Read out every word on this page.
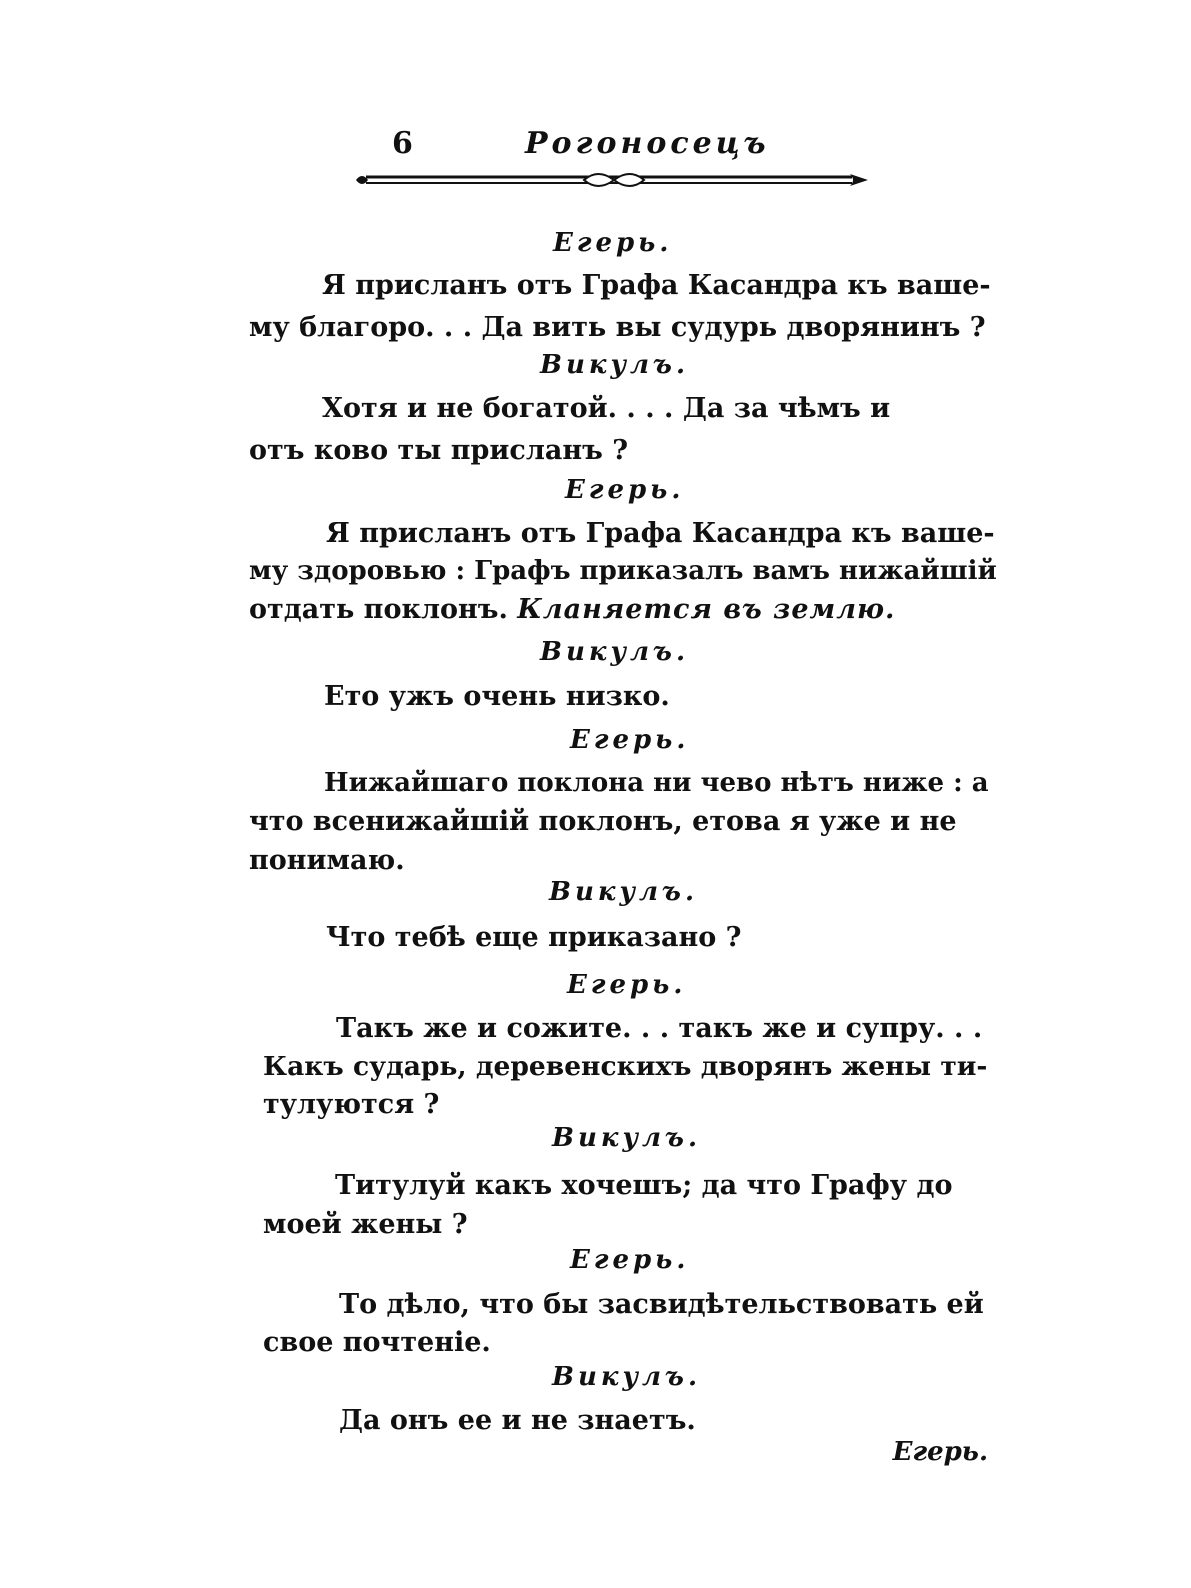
6	Рогоносецъ
Егерь.
Я присланъ отъ Графа Касандра къ ваше-
му благоро. . . Да вить вы судурь дворянинъ ?
Викулъ.
Хотя и не богатой. . . . Да за чѣмъ и
отъ ково ты присланъ ?
Егерь.
Я присланъ отъ Графа Касандра къ ваше-
му здоровью : Графъ приказалъ вамъ нижайшій
отдать поклонъ. Кланяется въ землю.
Викулъ.
Ето ужъ очень низко.
Егерь.
Нижайшаго поклона ни чево нѣтъ ниже : а
что всенижайшій поклонъ, етова я уже и не
понимаю.
Викулъ.
Что тебѣ еще приказано ?
Егерь.
Такъ же и сожите. . . такъ же и супру. . .
Какъ сударь, деревенскихъ дворянъ жены ти-
тулуются ?
Викулъ.
Титулуй какъ хочешъ; да что Графу до
моей жены ?
Егерь.
То дѣло, что бы засвидѣтельствовать ей
свое почтеніе.
Викулъ.
Да онъ ее и не знаетъ.
Егерь.
